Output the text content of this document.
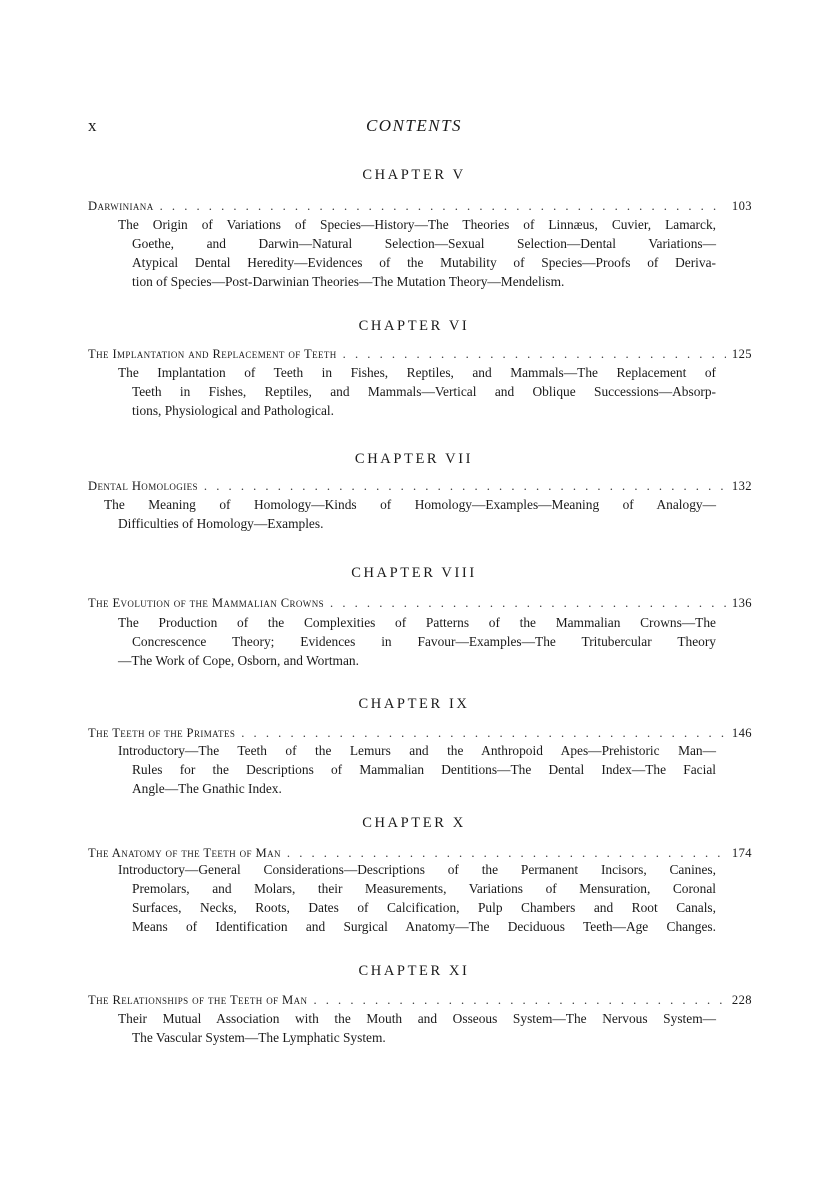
x	CONTENTS
CHAPTER V
Darwiniana . . .	103
The Origin of Variations of Species—History—The Theories of Linnæus, Cuvier, Lamarck,
Goethe, and Darwin—Natural Selection—Sexual Selection—Dental Variations—
Atypical Dental Heredity—Evidences of the Mutability of Species—Proofs of Deriva-
tion of Species—Post-Darwinian Theories—The Mutation Theory—Mendelism.
CHAPTER VI
The Implantation and Replacement of Teeth . . .	125
The Implantation of Teeth in Fishes, Reptiles, and Mammals—The Replacement of
Teeth in Fishes, Reptiles, and Mammals—Vertical and Oblique Successions—Absorp-
tions, Physiological and Pathological.
CHAPTER VII
Dental Homologies . . .	132
The Meaning of Homology—Kinds of Homology—Examples—Meaning of Analogy—
Difficulties of Homology—Examples.
CHAPTER VIII
The Evolution of the Mammalian Crowns . . .	136
The Production of the Complexities of Patterns of the Mammalian Crowns—The
Concrescence Theory; Evidences in Favour—Examples—The Tritubercular Theory
—The Work of Cope, Osborn, and Wortman.
CHAPTER IX
The Teeth of the Primates . . .	146
Introductory—The Teeth of the Lemurs and the Anthropoid Apes—Prehistoric Man—
Rules for the Descriptions of Mammalian Dentitions—The Dental Index—The Facial
Angle—The Gnathic Index.
CHAPTER X
The Anatomy of the Teeth of Man . . .	174
Introductory—General Considerations—Descriptions of the Permanent Incisors, Canines,
Premolars, and Molars, their Measurements, Variations of Mensuration, Coronal
Surfaces, Necks, Roots, Dates of Calcification, Pulp Chambers and Root Canals,
Means of Identification and Surgical Anatomy—The Deciduous Teeth—Age Changes.
CHAPTER XI
The Relationships of the Teeth of Man . . .	228
Their Mutual Association with the Mouth and Osseous System—The Nervous System—
The Vascular System—The Lymphatic System.
